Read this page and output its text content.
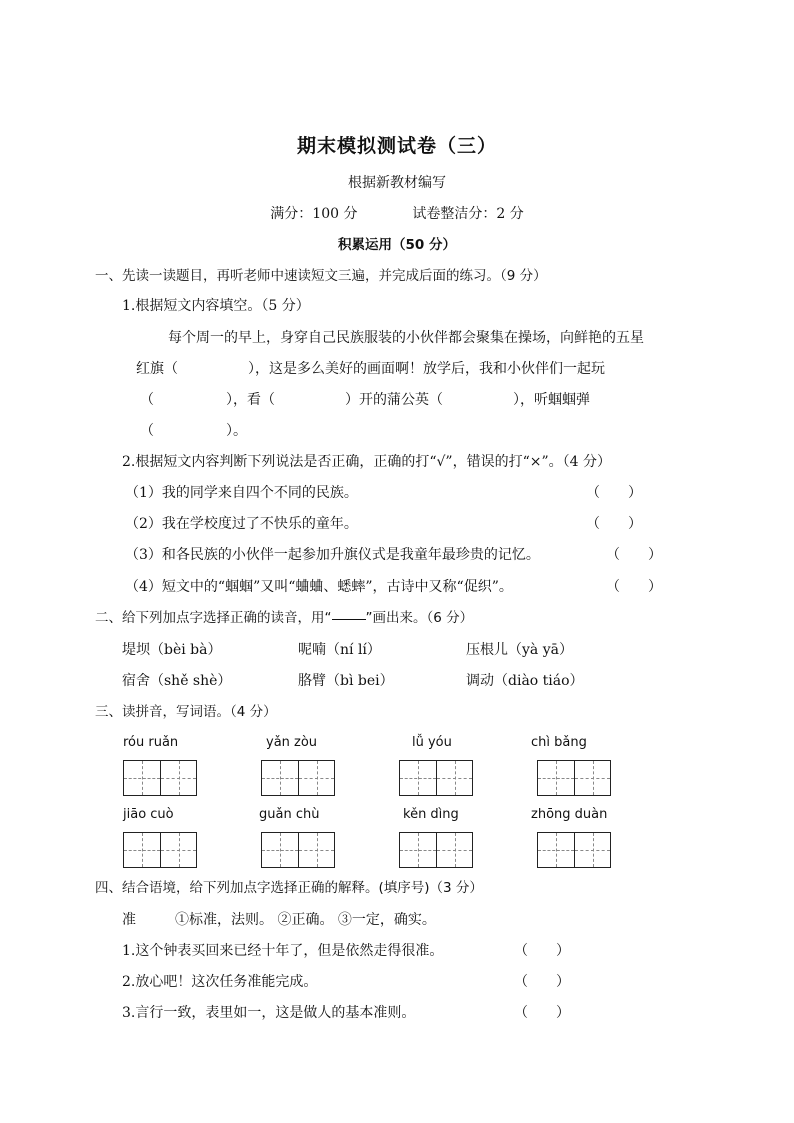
期末模拟测试卷（三）
根据新教材编写
满分：100 分	试卷整洁分：2 分
积累运用（50 分）
一、先读一读题目，再听老师中速读短文三遍，并完成后面的练习。（9 分）
1.根据短文内容填空。（5 分）
每个周一的早上，身穿自己民族服装的小伙伴都会聚集在操场，向鲜艳的五星
红旗（	），这是多么美好的画面啊！放学后，我和小伙伴们一起玩
（	），看（	）开的蒲公英（	），听蝈蝈弹
（	）。
2.根据短文内容判断下列说法是否正确，正确的打“√”，错误的打“×”。（4 分）
（1）我的同学来自四个不同的民族。	（　　）
（2）我在学校度过了不快乐的童年。	（　　）
（3）和各民族的小伙伴一起参加升旗仪式是我童年最珍贵的记忆。	（　　）
（4）短文中的“蝈蝈”又叫“蛐蛐、蟋蟀”，古诗中又称“促织”。	（　　）
二、给下列加点字选择正确的读音，用“	”画出来。（6 分）
堤坝（bèi bà）	呢喃（ní lí）	压根儿（yà yā）
宿舍（shě shè）	胳臂（bì bei）	调动（diào tiáo）
三、读拼音，写词语。（4 分）
róu ruǎn	yǎn zòu	lǚ yóu	chì bǎng
jiāo cuò	guǎn chù	kěn dìng	zhōng duàn
四、结合语境，给下列加点字选择正确的解释。(填序号)（3 分）
准	①标准，法则。 ②正确。 ③一定，确实。
1.这个钟表买回来已经十年了，但是依然走得很准。	（　　）
2.放心吧！这次任务准能完成。	（　　）
3.言行一致，表里如一，这是做人的基本准则。	（　　）
